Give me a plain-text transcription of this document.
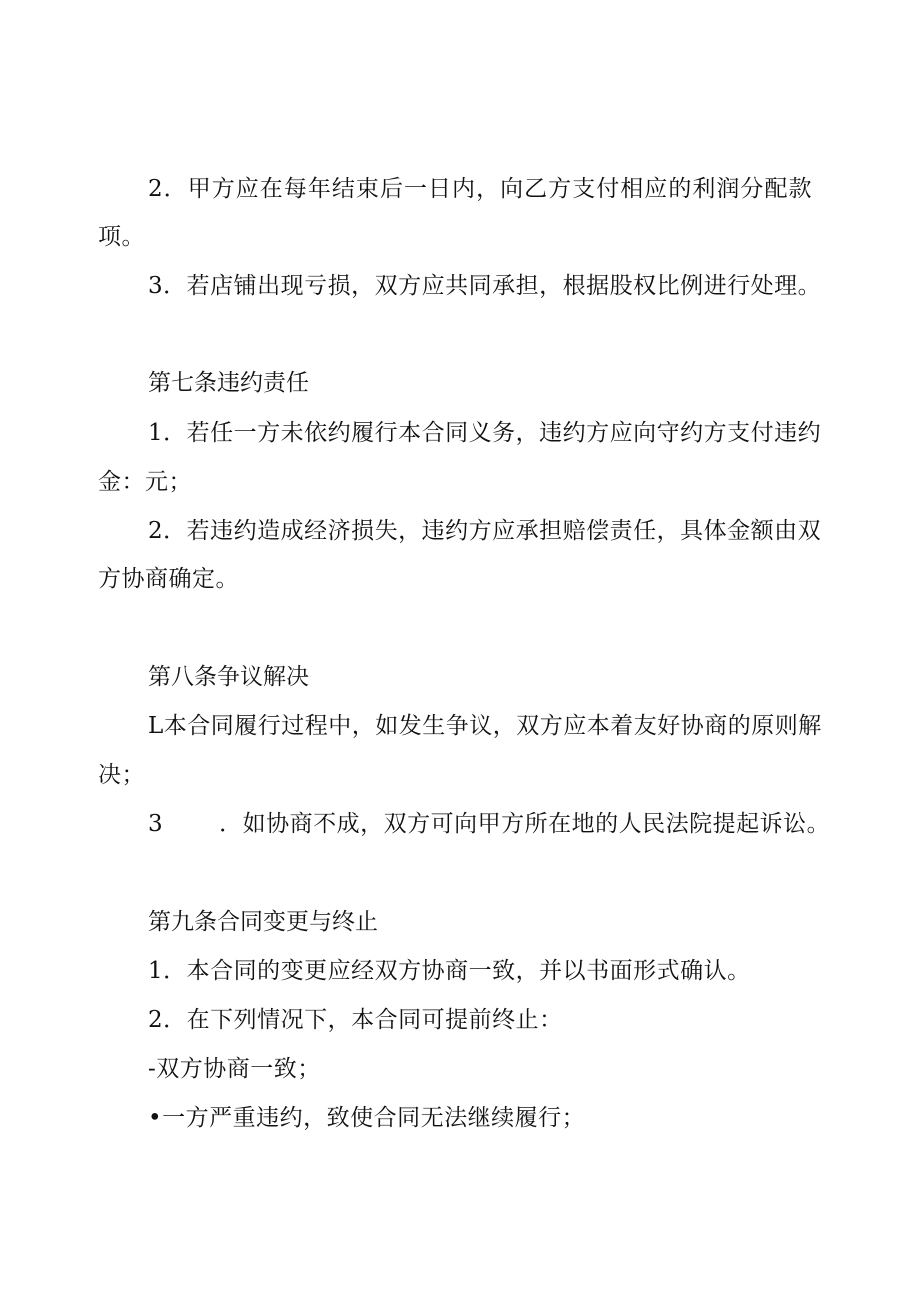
2．甲方应在每年结束后一日内，向乙方支付相应的利润分配款
项。
3．若店铺出现亏损，双方应共同承担，根据股权比例进行处理。
第七条违约责任
1．若任一方未依约履行本合同义务，违约方应向守约方支付违约
金：元；
2．若违约造成经济损失，违约方应承担赔偿责任，具体金额由双
方协商确定。
第八条争议解决
L本合同履行过程中，如发生争议，双方应本着友好协商的原则解
决；
3 ．如协商不成，双方可向甲方所在地的人民法院提起诉讼。
第九条合同变更与终止
1．本合同的变更应经双方协商一致，并以书面形式确认。
2．在下列情况下，本合同可提前终止：
-双方协商一致；
•一方严重违约，致使合同无法继续履行；
